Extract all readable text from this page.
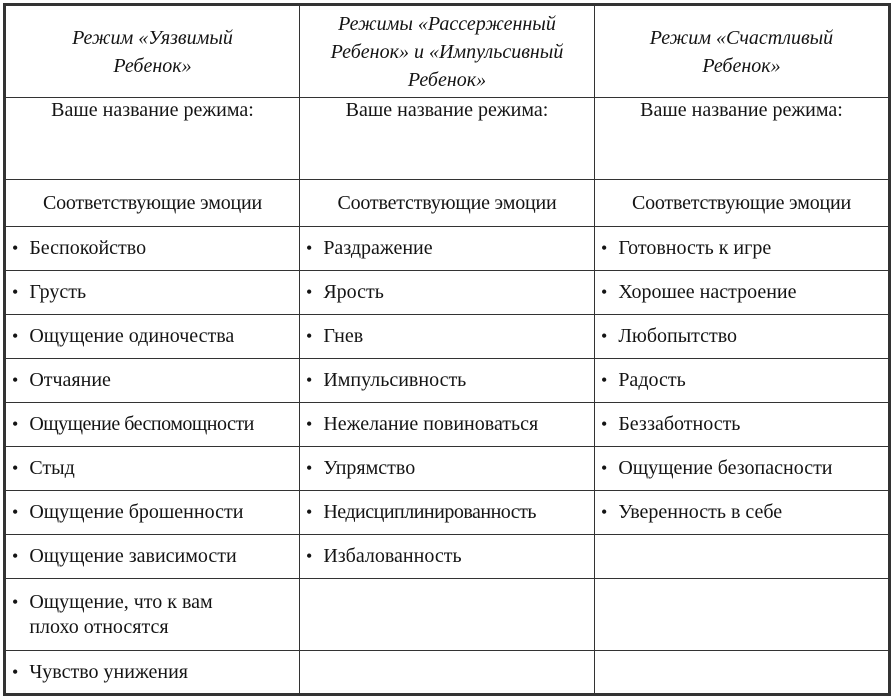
Режим «Уязвимый Ребенок»	Режимы «Рассерженный Ребенок» и «Импульсивный Ребенок»	Режим «Счастливый Ребенок»
Ваше название режима:	Ваше название режима:	Ваше название режима:
Соответствующие эмоции	Соответствующие эмоции	Соответствующие эмоции
• Беспокойство	• Раздражение	• Готовность к игре
• Грусть	• Ярость	• Хорошее настроение
• Ощущение одиночества	• Гнев	• Любопытство
• Отчаяние	• Импульсивность	• Радость
• Ощущение беспомощности	• Нежелание повиноваться	• Беззаботность
• Стыд	• Упрямство	• Ощущение безопасности
• Ощущение брошенности	• Недисциплинированность	• Уверенность в себе
• Ощущение зависимости	• Избалованность	
• Ощущение, что к вам плохо относятся		
• Чувство унижения		
